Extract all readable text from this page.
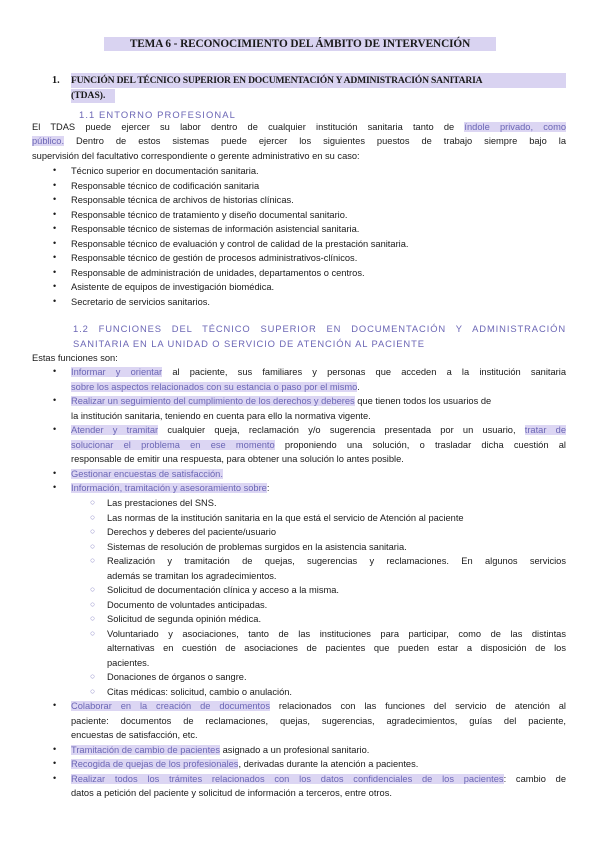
TEMA 6 - RECONOCIMIENTO DEL ÁMBITO DE INTERVENCIÓN
1. FUNCIÓN DEL TÉCNICO SUPERIOR EN DOCUMENTACIÓN Y ADMINISTRACIÓN SANITARIA
(TDAS).
1.1 ENTORNO PROFESIONAL
El TDAS puede ejercer su labor dentro de cualquier institución sanitaria tanto de índole privado, como
público. Dentro de estos sistemas puede ejercer los siguientes puestos de trabajo siempre bajo la
supervisión del facultativo correspondiente o gerente administrativo en su caso:
• Técnico superior en documentación sanitaria.
• Responsable técnico de codificación sanitaria
• Responsable técnica de archivos de historias clínicas.
• Responsable técnico de tratamiento y diseño documental sanitario.
• Responsable técnico de sistemas de información asistencial sanitaria.
• Responsable técnico de evaluación y control de calidad de la prestación sanitaria.
• Responsable técnico de gestión de procesos administrativos-clínicos.
• Responsable de administración de unidades, departamentos o centros.
• Asistente de equipos de investigación biomédica.
• Secretario de servicios sanitarios.
1.2 FUNCIONES DEL TÉCNICO SUPERIOR EN DOCUMENTACIÓN Y ADMINISTRACIÓN
SANITARIA EN LA UNIDAD O SERVICIO DE ATENCIÓN AL PACIENTE
Estas funciones son:
• Informar y orientar al paciente, sus familiares y personas que acceden a la institución sanitaria
sobre los aspectos relacionados con su estancia o paso por el mismo.
• Realizar un seguimiento del cumplimiento de los derechos y deberes que tienen todos los usuarios de
la institución sanitaria, teniendo en cuenta para ello la normativa vigente.
• Atender y tramitar cualquier queja, reclamación y/o sugerencia presentada por un usuario, tratar de
solucionar el problema en ese momento proponiendo una solución, o trasladar dicha cuestión al
responsable de emitir una respuesta, para obtener una solución lo antes posible.
• Gestionar encuestas de satisfacción.
• Información, tramitación y asesoramiento sobre:
○ Las prestaciones del SNS.
○ Las normas de la institución sanitaria en la que está el servicio de Atención al paciente
○ Derechos y deberes del paciente/usuario
○ Sistemas de resolución de problemas surgidos en la asistencia sanitaria.
○ Realización y tramitación de quejas, sugerencias y reclamaciones. En algunos servicios
además se tramitan los agradecimientos.
○ Solicitud de documentación clínica y acceso a la misma.
○ Documento de voluntades anticipadas.
○ Solicitud de segunda opinión médica.
○ Voluntariado y asociaciones, tanto de las instituciones para participar, como de las distintas
alternativas en cuestión de asociaciones de pacientes que pueden estar a disposición de los
pacientes.
○ Donaciones de órganos o sangre.
○ Citas médicas: solicitud, cambio o anulación.
• Colaborar en la creación de documentos relacionados con las funciones del servicio de atención al
paciente: documentos de reclamaciones, quejas, sugerencias, agradecimientos, guías del paciente,
encuestas de satisfacción, etc.
• Tramitación de cambio de pacientes asignado a un profesional sanitario.
• Recogida de quejas de los profesionales, derivadas durante la atención a pacientes.
• Realizar todos los trámites relacionados con los datos confidenciales de los pacientes: cambio de
datos a petición del paciente y solicitud de información a terceros, entre otros.
